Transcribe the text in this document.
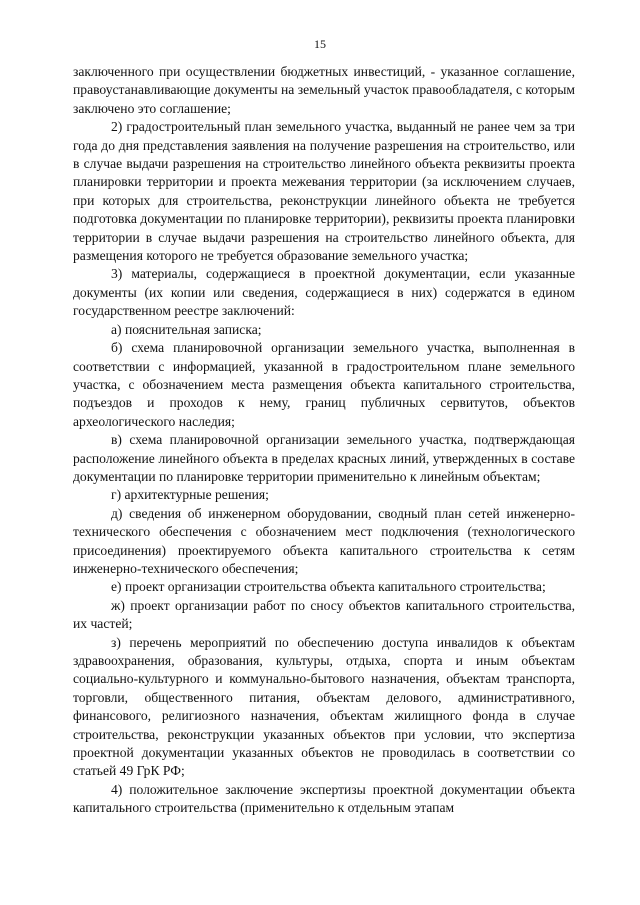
15

заключенного при осуществлении бюджетных инвестиций, - указанное соглашение, правоустанавливающие документы на земельный участок правообладателя, с которым заключено это соглашение;

2) градостроительный план земельного участка, выданный не ранее чем за три года до дня представления заявления на получение разрешения на строительство, или в случае выдачи разрешения на строительство линейного объекта реквизиты проекта планировки территории и проекта межевания территории (за исключением случаев, при которых для строительства, реконструкции линейного объекта не требуется подготовка документации по планировке территории), реквизиты проекта планировки территории в случае выдачи разрешения на строительство линейного объекта, для размещения которого не требуется образование земельного участка;

3) материалы, содержащиеся в проектной документации, если указанные документы (их копии или сведения, содержащиеся в них) содержатся в едином государственном реестре заключений:

а) пояснительная записка;

б) схема планировочной организации земельного участка, выполненная в соответствии с информацией, указанной в градостроительном плане земельного участка, с обозначением места размещения объекта капитального строительства, подъездов и проходов к нему, границ публичных сервитутов, объектов археологического наследия;

в) схема планировочной организации земельного участка, подтверждающая расположение линейного объекта в пределах красных линий, утвержденных в составе документации по планировке территории применительно к линейным объектам;

г) архитектурные решения;

д) сведения об инженерном оборудовании, сводный план сетей инженерно-технического обеспечения с обозначением мест подключения (технологического присоединения) проектируемого объекта капитального строительства к сетям инженерно-технического обеспечения;

е) проект организации строительства объекта капитального строительства;

ж) проект организации работ по сносу объектов капитального строительства, их частей;

з) перечень мероприятий по обеспечению доступа инвалидов к объектам здравоохранения, образования, культуры, отдыха, спорта и иным объектам социально-культурного и коммунально-бытового назначения, объектам транспорта, торговли, общественного питания, объектам делового, административного, финансового, религиозного назначения, объектам жилищного фонда в случае строительства, реконструкции указанных объектов при условии, что экспертиза проектной документации указанных объектов не проводилась в соответствии со статьей 49 ГрК РФ;

4) положительное заключение экспертизы проектной документации объекта капитального строительства (применительно к отдельным этапам
